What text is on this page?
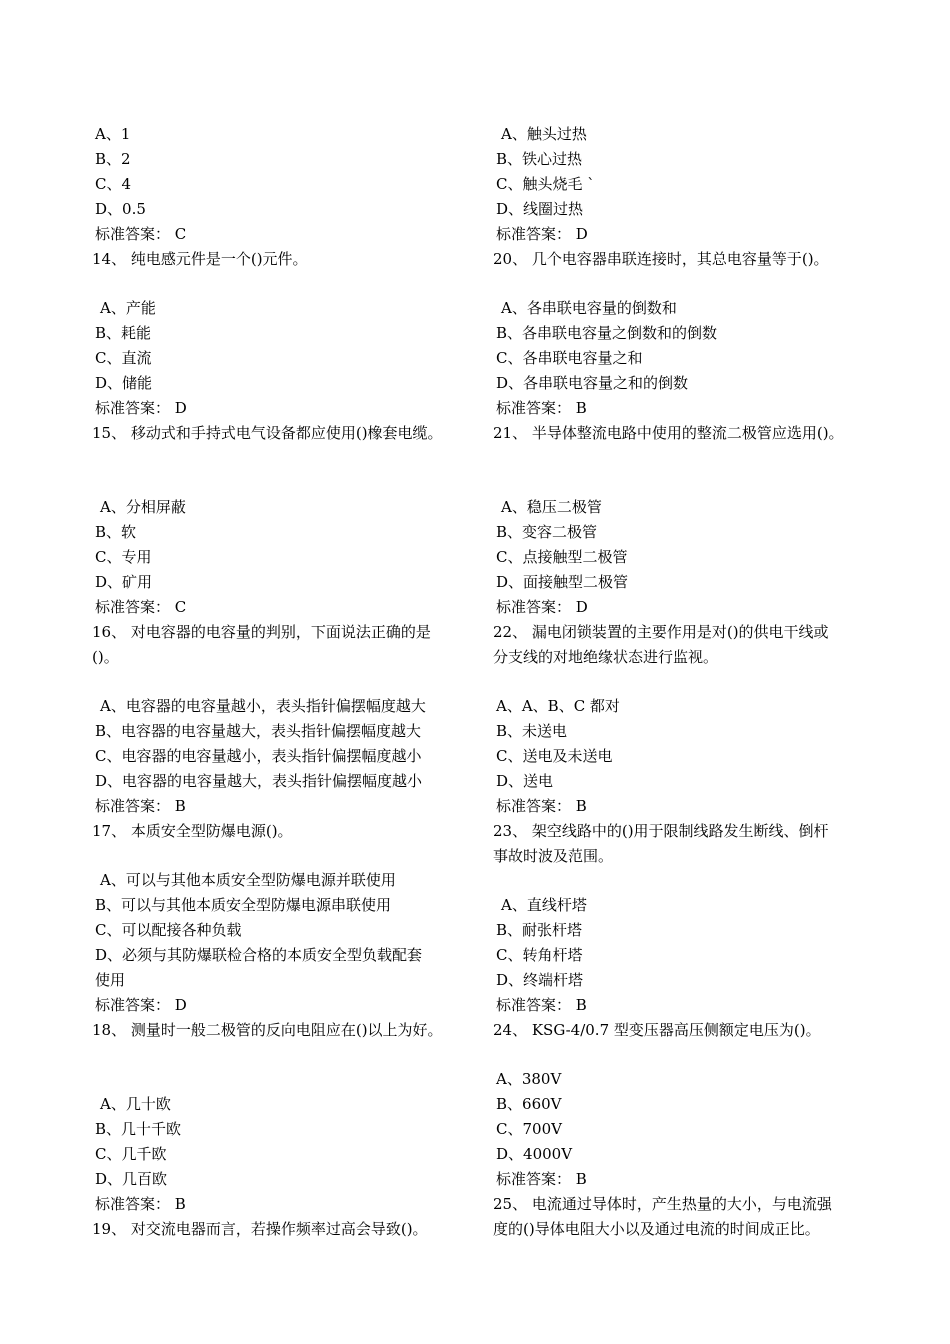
A、1
B、2
C、4
D、0.5
标准答案： C
14、 纯电感元件是一个()元件。
A、产能
B、耗能
C、直流
D、储能
标准答案： D
15、 移动式和手持式电气设备都应使用()橡套电缆。
A、分相屏蔽
B、软
C、专用
D、矿用
标准答案： C
16、 对电容器的电容量的判别，下面说法正确的是
()。
A、电容器的电容量越小，表头指针偏摆幅度越大
B、电容器的电容量越大，表头指针偏摆幅度越大
C、电容器的电容量越小，表头指针偏摆幅度越小
D、电容器的电容量越大，表头指针偏摆幅度越小
标准答案： B
17、 本质安全型防爆电源()。
A、可以与其他本质安全型防爆电源并联使用
B、可以与其他本质安全型防爆电源串联使用
C、可以配接各种负载
D、必须与其防爆联检合格的本质安全型负载配套
使用
标准答案： D
18、 测量时一般二极管的反向电阻应在()以上为好。
A、几十欧
B、几十千欧
C、几千欧
D、几百欧
标准答案： B
19、 对交流电器而言，若操作频率过高会导致()。
A、触头过热
B、铁心过热
C、触头烧毛 `
D、线圈过热
标准答案： D
20、 几个电容器串联连接时，其总电容量等于()。
A、各串联电容量的倒数和
B、各串联电容量之倒数和的倒数
C、各串联电容量之和
D、各串联电容量之和的倒数
标准答案： B
21、 半导体整流电路中使用的整流二极管应选用()。
A、稳压二极管
B、变容二极管
C、点接触型二极管
D、面接触型二极管
标准答案： D
22、 漏电闭锁装置的主要作用是对()的供电干线或
分支线的对地绝缘状态进行监视。
A、A、B、C 都对
B、未送电
C、送电及未送电
D、送电
标准答案： B
23、 架空线路中的()用于限制线路发生断线、倒杆
事故时波及范围。
A、直线杆塔
B、耐张杆塔
C、转角杆塔
D、终端杆塔
标准答案： B
24、 KSG-4/0.7 型变压器高压侧额定电压为()。
A、380V
B、660V
C、700V
D、4000V
标准答案： B
25、 电流通过导体时，产生热量的大小，与电流强
度的()导体电阻大小以及通过电流的时间成正比。
